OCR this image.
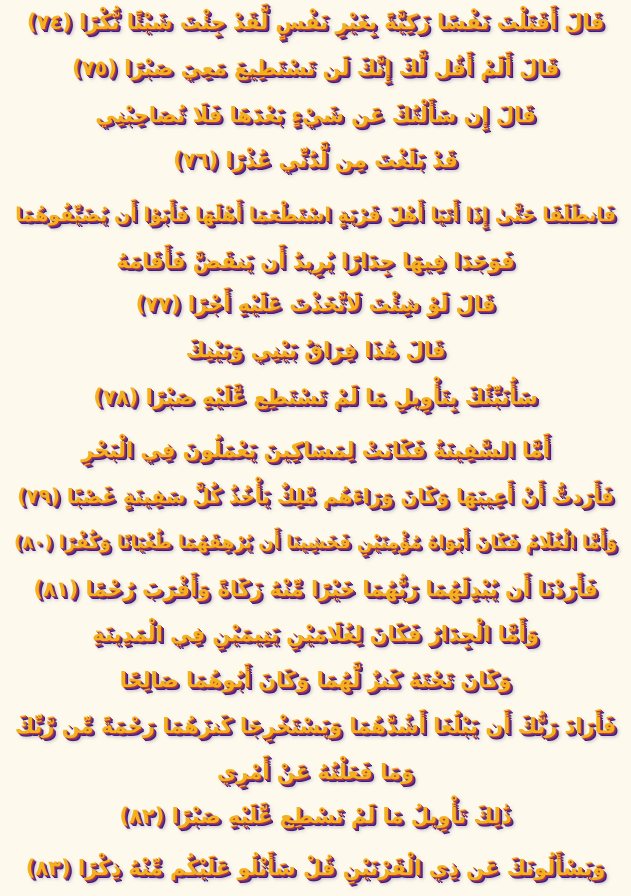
قَالَ أَقَتَلْتَ نَفْسًا زَكِيَّةً بِغَيْرِ نَفْسٍ لَّقَدْ جِئْتَ شَيْئًا نُّكْرًا (٧٤)
قَالَ أَلَمْ أَقُل لَّكَ إِنَّكَ لَن تَسْتَطِيعَ مَعِيَ صَبْرًا (٧٥)
قَالَ إِن سَأَلْتُكَ عَن شَيْءٍ بَعْدَهَا فَلَا تُصَاحِبْنِي
قَدْ بَلَغْتَ مِن لَّدُنِّي عُذْرًا (٧٦)
فَانطَلَقَا حَتَّىٰ إِذَا أَتَيَا أَهْلَ قَرْيَةٍ اسْتَطْعَمَا أَهْلَهَا فَأَبَوْا أَن يُضَيِّفُوهُمَا
فَوَجَدَا فِيهَا جِدَارًا يُرِيدُ أَن يَنقَضَّ فَأَقَامَهُ
قَالَ لَوْ شِئْتَ لَاتَّخَذْتَ عَلَيْهِ أَجْرًا (٧٧)
قَالَ هَٰذَا فِرَاقُ بَيْنِي وَبَيْنِكَ
سَأُنَبِّئُكَ بِتَأْوِيلِ مَا لَمْ تَسْتَطِع عَّلَيْهِ صَبْرًا (٧٨)
أَمَّا السَّفِينَةُ فَكَانَتْ لِمَسَاكِينَ يَعْمَلُونَ فِي الْبَحْرِ
فَأَرَدتُّ أَنْ أَعِيبَهَا وَكَانَ وَرَاءَهُم مَّلِكٌ يَأْخُذُ كُلَّ سَفِينَةٍ غَصْبًا (٧٩)
وَأَمَّا الْغُلَامُ فَكَانَ أَبَوَاهُ مُؤْمِنَيْنِ فَخَشِينَا أَن يُرْهِقَهُمَا طُغْيَانًا وَكُفْرًا (٨٠)
فَأَرَدْنَا أَن يُبْدِلَهُمَا رَبُّهُمَا خَيْرًا مِّنْهُ زَكَاةً وَأَقْرَبَ رُحْمًا (٨١)
وَأَمَّا الْجِدَارُ فَكَانَ لِغُلَامَيْنِ يَتِيمَيْنِ فِي الْمَدِينَةِ
وَكَانَ تَحْتَهُ كَنزٌ لَّهُمَا وَكَانَ أَبُوهُمَا صَالِحًا
فَأَرَادَ رَبُّكَ أَن يَبْلُغَا أَشُدَّهُمَا وَيَسْتَخْرِجَا كَنزَهُمَا رَحْمَةً مِّن رَّبِّكَ
وَمَا فَعَلْتُهُ عَنْ أَمْرِي
ذَٰلِكَ تَأْوِيلُ مَا لَمْ تَسْطِع عَّلَيْهِ صَبْرًا (٨٢)
وَيَسْأَلُونَكَ عَن ذِي الْقَرْنَيْنِ قُلْ سَأَتْلُو عَلَيْكُم مِّنْهُ ذِكْرًا (٨٣)
